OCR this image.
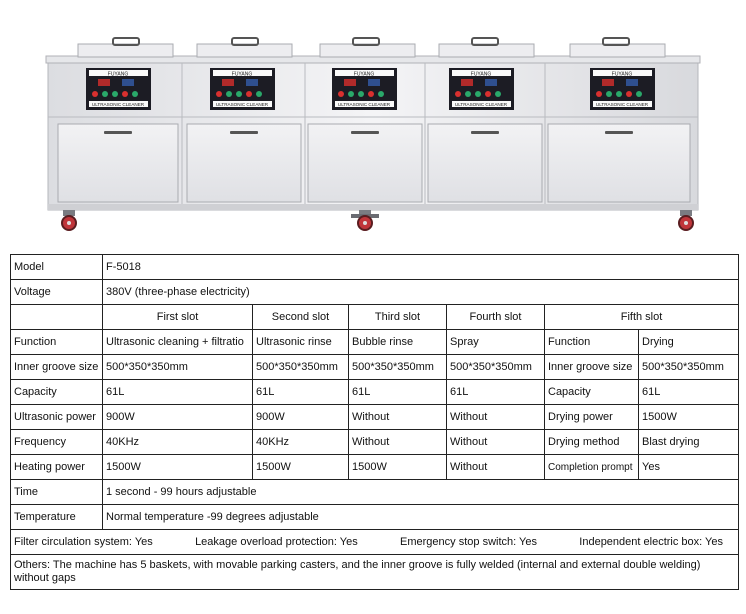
FUYANG
ULTRASONIC CLEANER
FUYANG
ULTRASONIC CLEANER
FUYANG
ULTRASONIC CLEANER
FUYANG
ULTRASONIC CLEANER
FUYANG
ULTRASONIC CLEANER
Model	F-5018					
Voltage	380V (three-phase electricity)					
	First slot	Second slot	Third slot	Fourth slot	Fifth slot	
Function	Ultrasonic cleaning + filtratio	Ultrasonic rinse	Bubble rinse	Spray	Function	Drying
Inner groove size	500*350*350mm	500*350*350mm	500*350*350mm	500*350*350mm	Inner groove size	500*350*350mm
Capacity	61L	61L	61L	61L	Capacity	61L
Ultrasonic power	900W	900W	Without	Without	Drying power	1500W
Frequency	40KHz	40KHz	Without	Without	Drying method	Blast drying
Heating power	1500W	1500W	1500W	Without	Completion prompt	Yes
Time	1 second - 99 hours adjustable					
Temperature	Normal temperature -99 degrees adjustable					

Filter circulation system: Yes Leakage overload protection: Yes Emergency stop switch: Yes Independent electric box: Yes						

Others: The machine has 5 baskets, with movable parking casters, and the inner groove is fully welded (internal and external double welding) without gaps						
